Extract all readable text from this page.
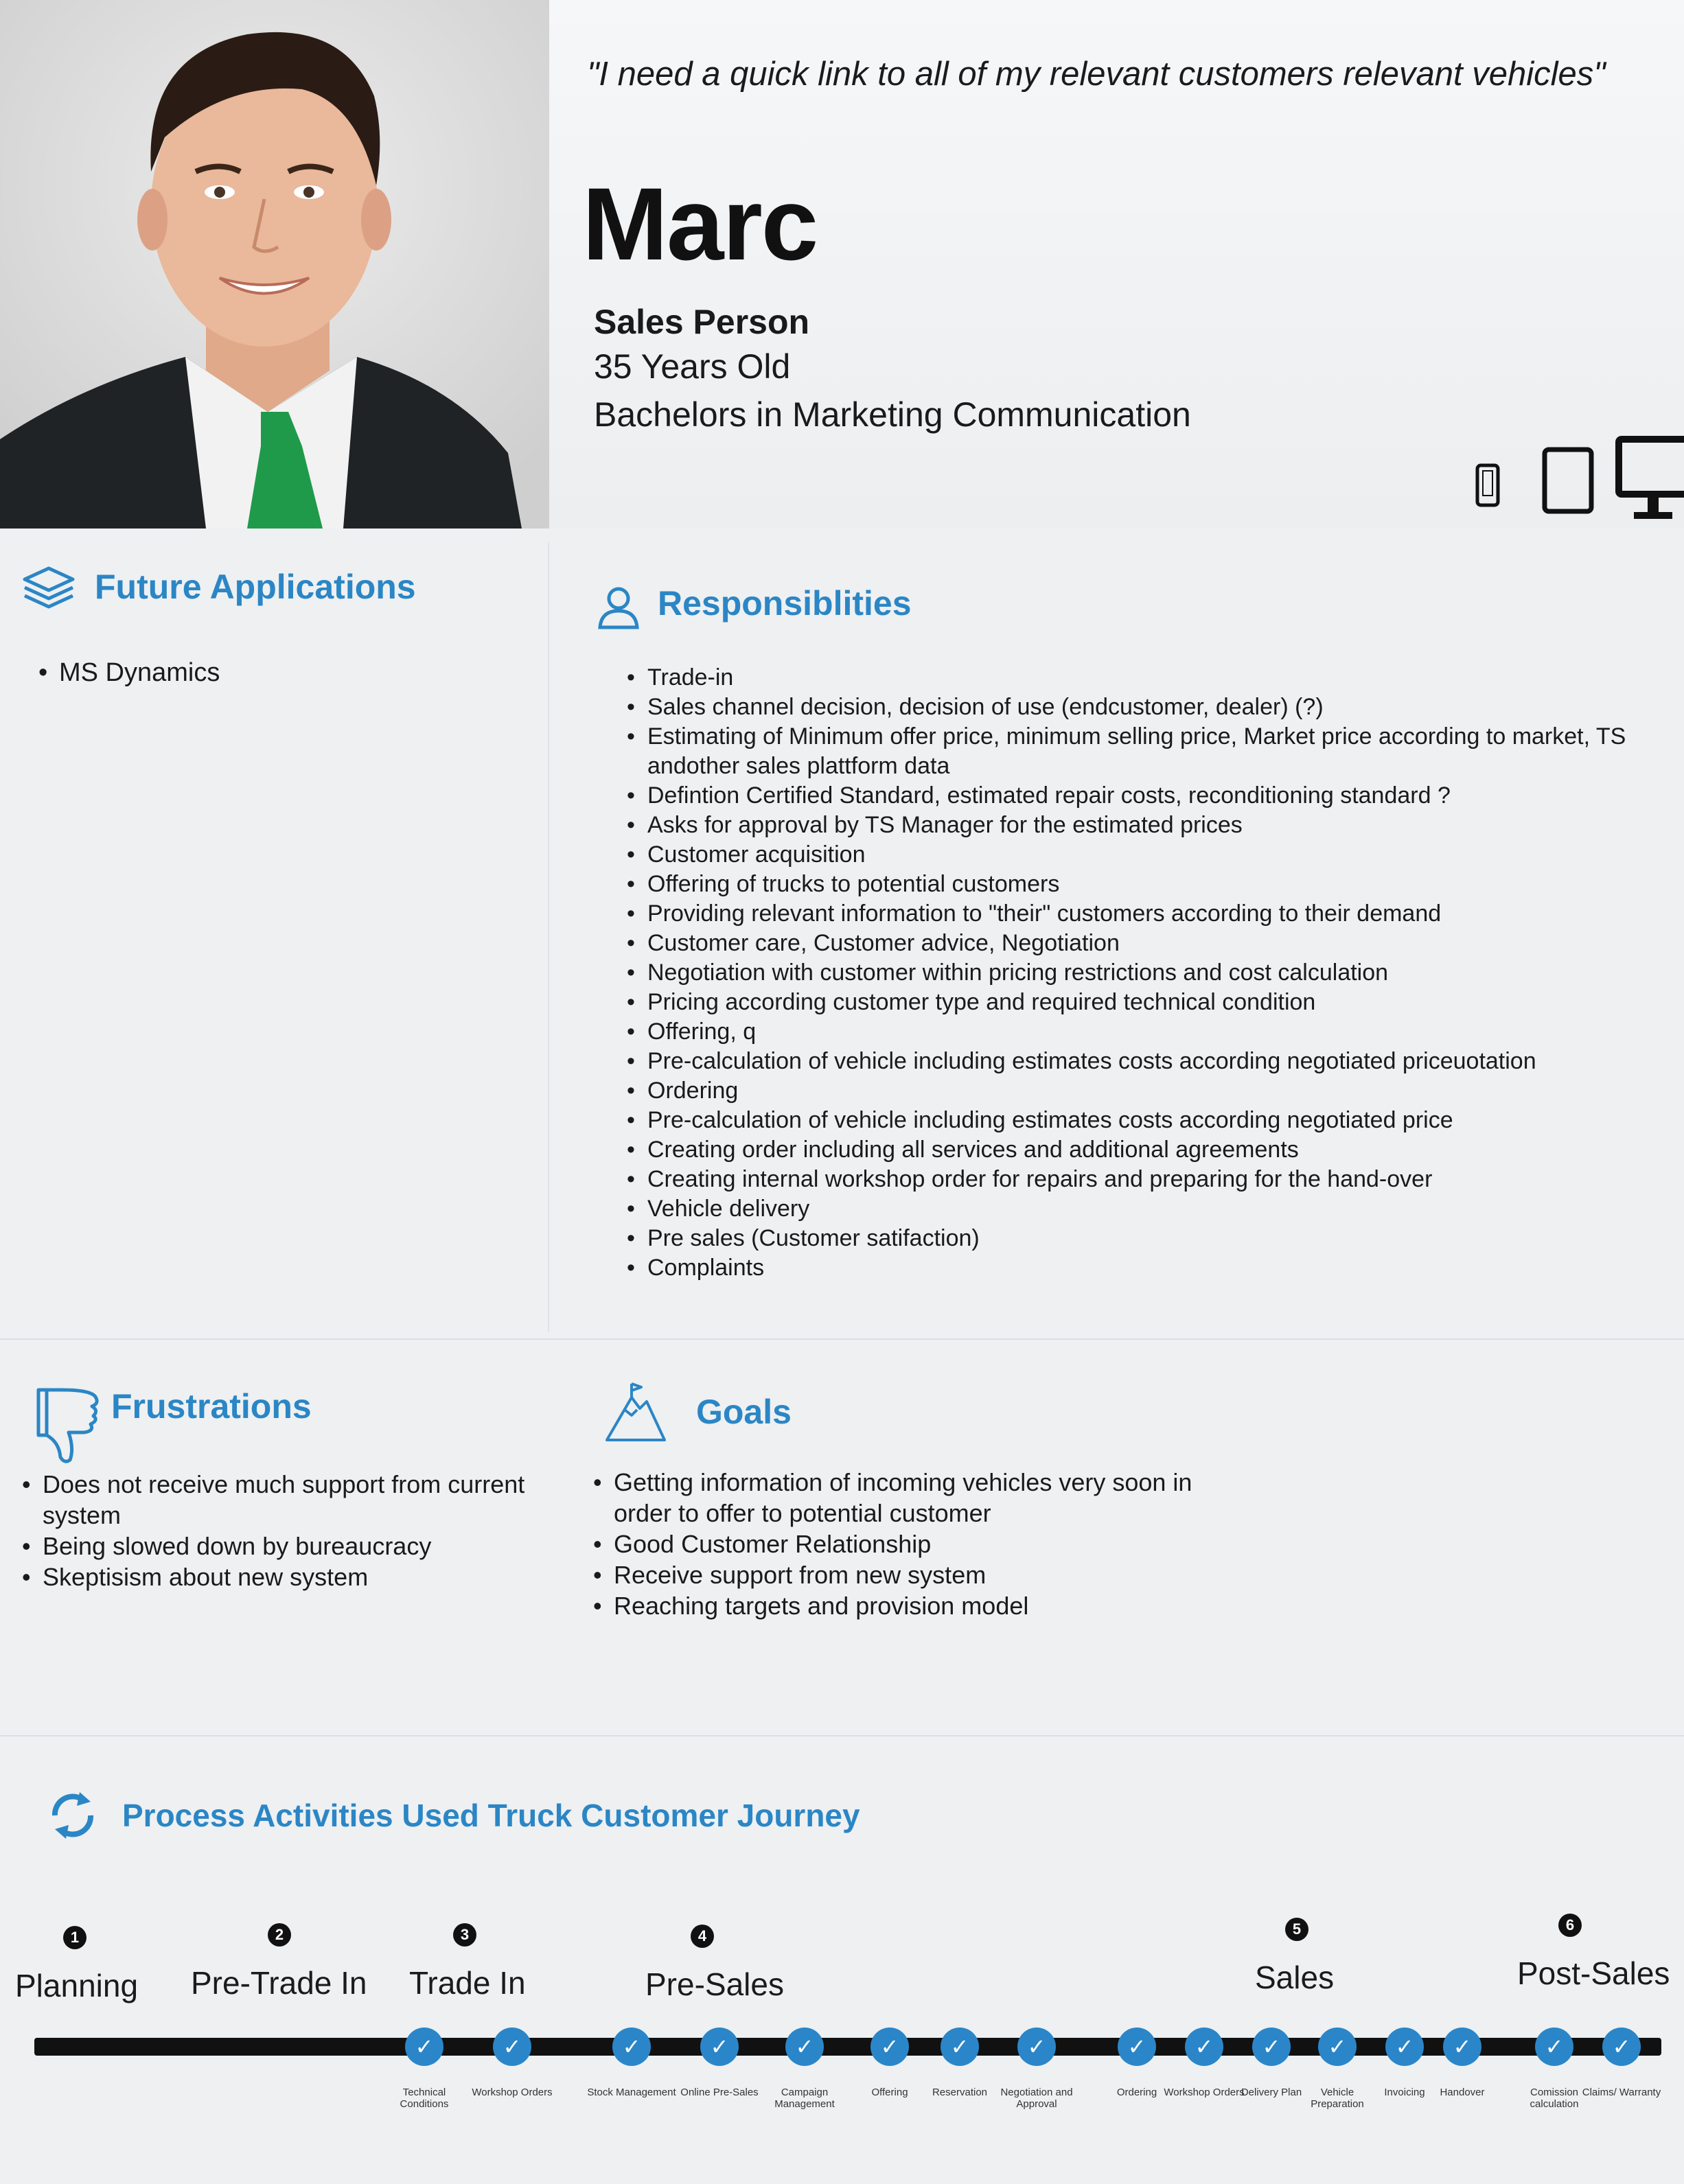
"I need a quick link to all of my relevant customers relevant vehicles"
Marc
Sales Person
35 Years Old
Bachelors in Marketing Communication
Future Applications
• MS Dynamics
Responsiblities
• Trade-in
• Sales channel decision, decision of use (endcustomer, dealer) (?)
• Estimating of Minimum offer price, minimum selling price, Market price according to market, TS andother sales plattform data
• Defintion Certified Standard, estimated repair costs, reconditioning standard ?
• Asks for approval by TS Manager for the estimated prices
• Customer acquisition
• Offering of trucks to potential customers
• Providing relevant information to "their" customers according to their demand
• Customer care, Customer advice, Negotiation
• Negotiation with customer within pricing restrictions and cost calculation
• Pricing according customer type and required technical condition
• Offering, q
• Pre-calculation of vehicle including estimates costs according negotiated priceuotation
• Ordering
• Pre-calculation of vehicle including estimates costs according negotiated price
• Creating order including all services and additional agreements
• Creating internal workshop order for repairs and preparing for the hand-over
• Vehicle delivery
• Pre sales (Customer satifaction)
• Complaints
Frustrations
• Does not receive much support from current system
• Being slowed down by bureaucracy
• Skeptisism about new system
Goals
• Getting information of incoming vehicles very soon in order to offer to potential customer
• Good Customer Relationship
• Receive support from new system
• Reaching targets and provision model
Process Activities Used Truck Customer Journey
1
Planning
2
Pre-Trade In
3
Trade In
4
Pre-Sales
5
Sales
6
Post-Sales
✓
Technical Conditions
✓
Workshop Orders
✓
Stock Management
✓
Online Pre-Sales
✓
Campaign Management
✓
Offering
✓
Reservation
✓
Negotiation and Approval
✓
Ordering
✓
Workshop Orders
✓
Delivery Plan
✓
Vehicle Preparation
✓
Invoicing
✓
Handover
✓
Comission calculation
✓
Claims/ Warranty
